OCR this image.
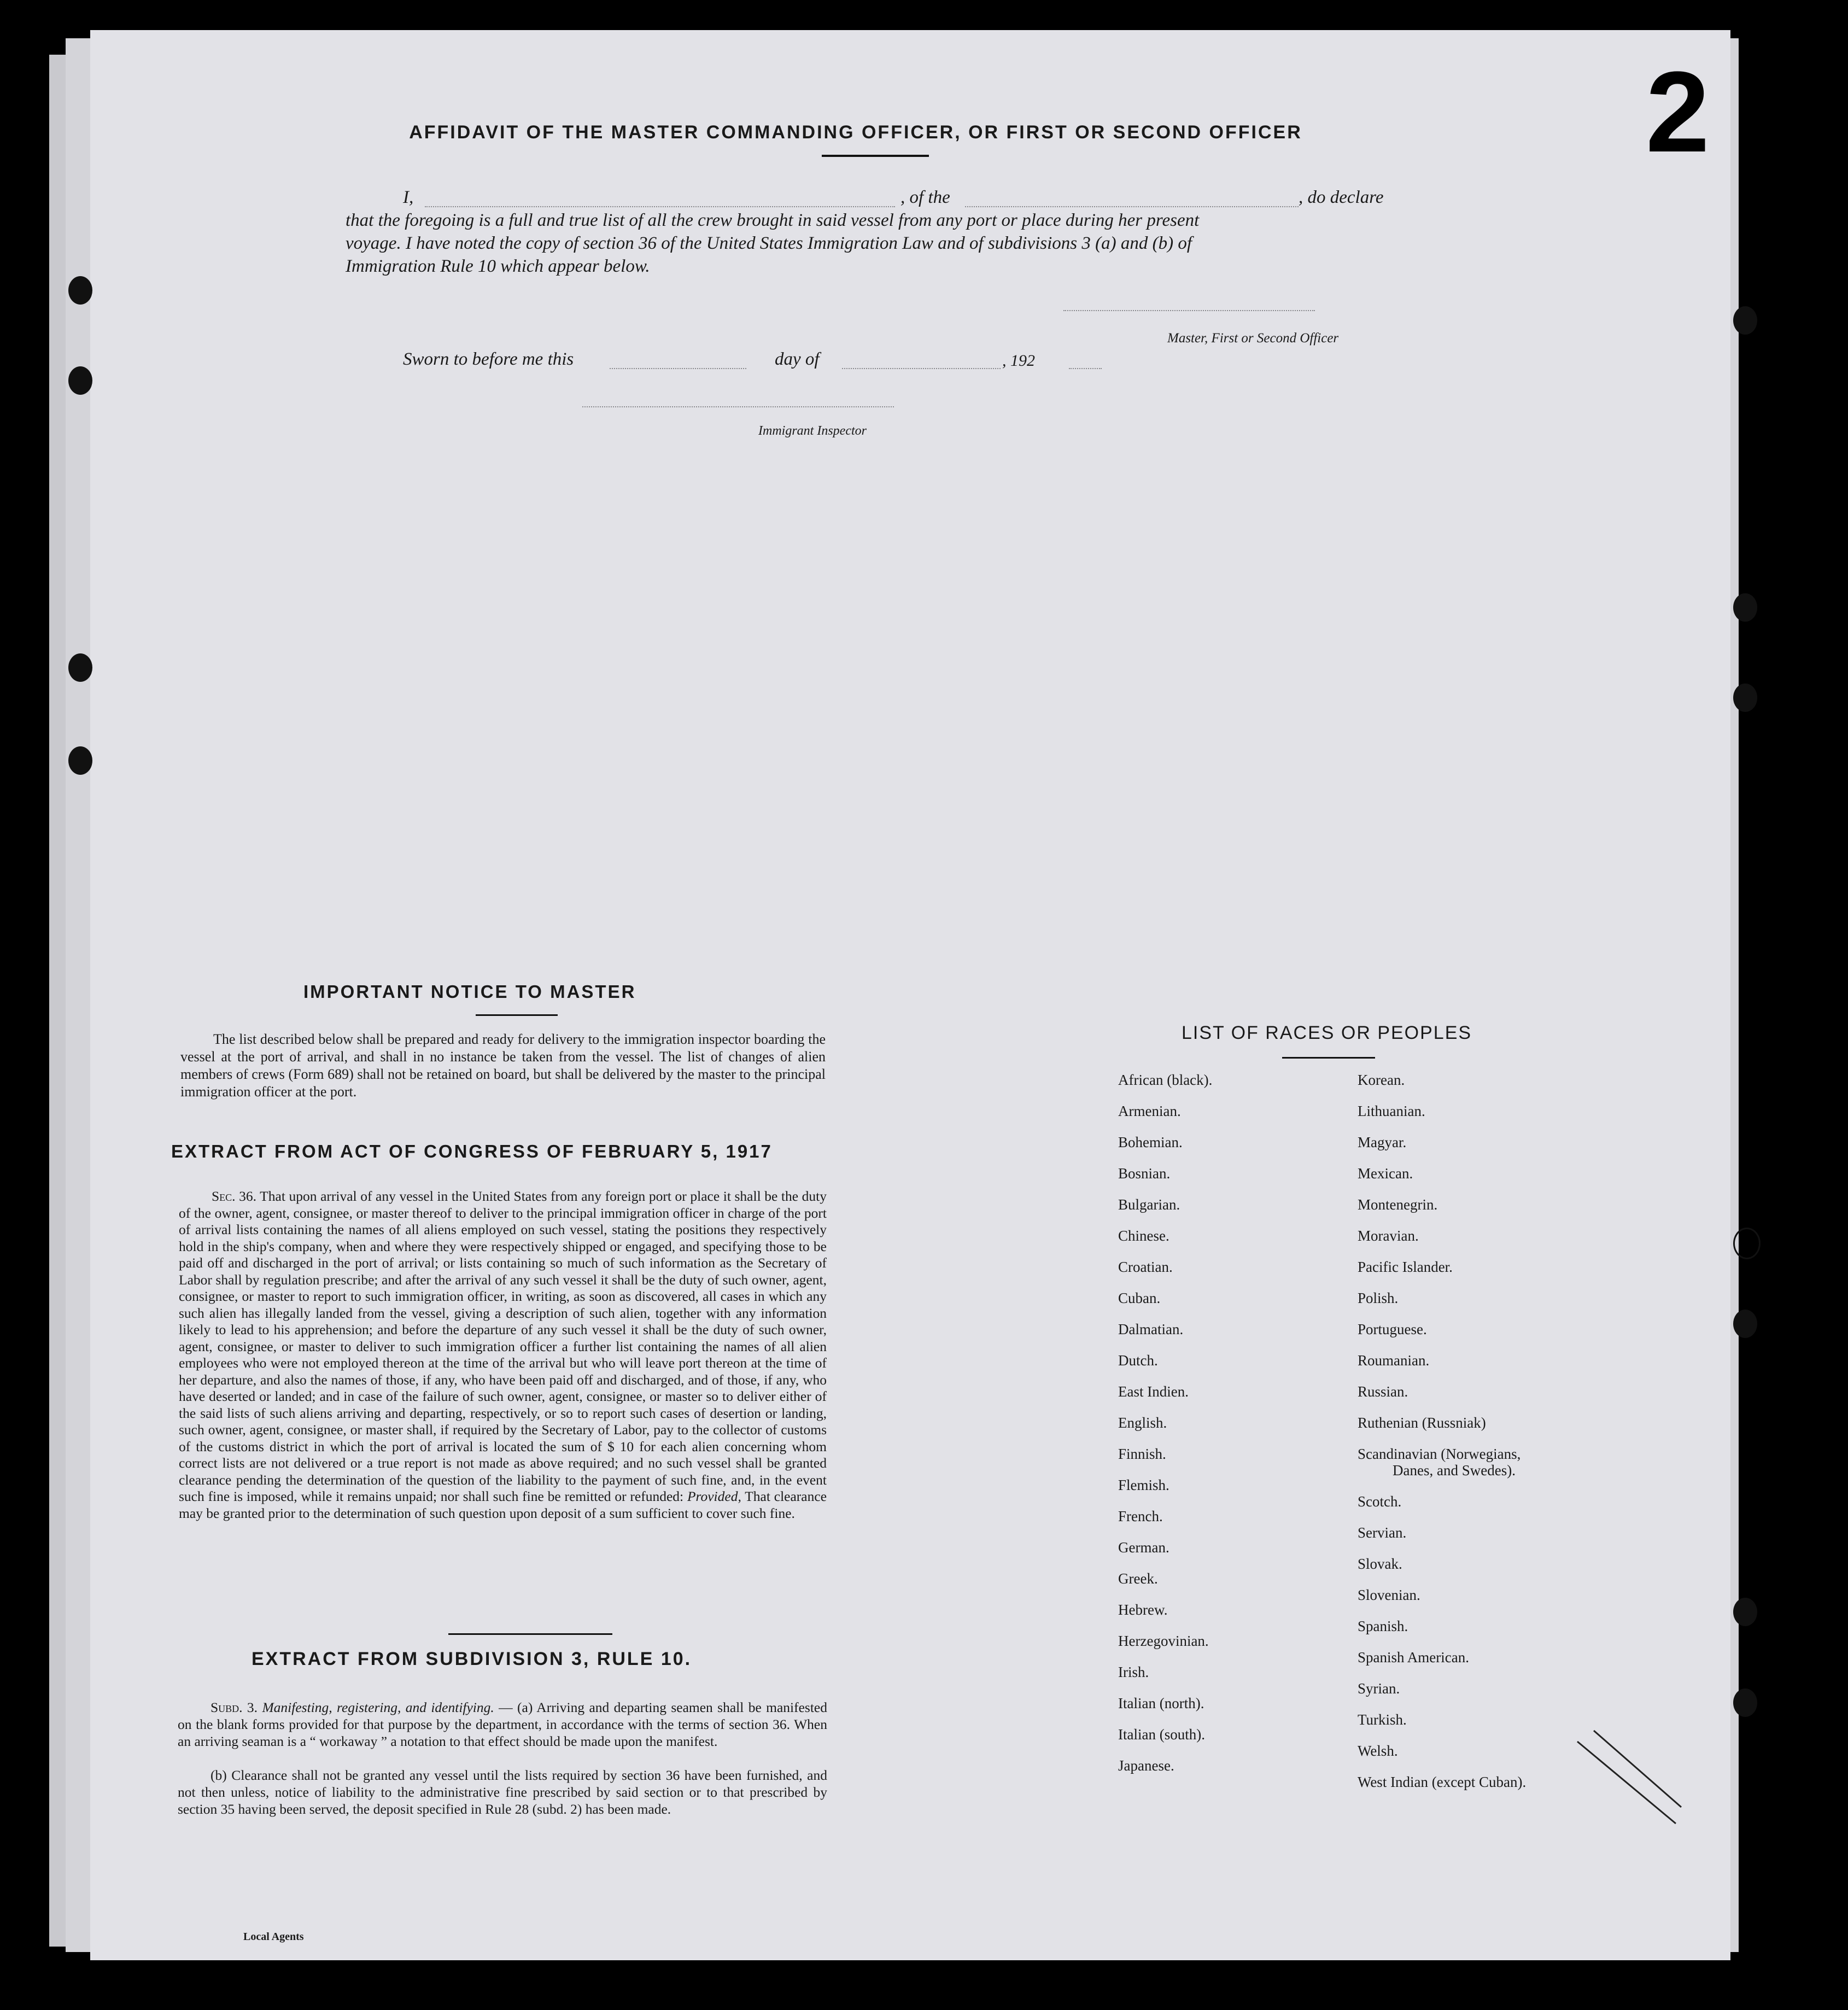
AFFIDAVIT OF THE MASTER COMMANDING OFFICER, OR FIRST OR SECOND OFFICER
I,	, of the	, do declare
that the foregoing is a full and true list of all the crew brought in said vessel from any port or place during her present
voyage. I have noted the copy of section 36 of the United States Immigration Law and of subdivisions 3 (a) and (b) of
Immigration Rule 10 which appear below.
Master, First or Second Officer
Sworn to before me this	day of	, 192
Immigrant Inspector
IMPORTANT NOTICE TO MASTER
The list described below shall be prepared and ready for delivery to the immigration inspector boarding the vessel at the port of arrival, and shall in no instance be taken from the vessel. The list of changes of alien members of crews (Form 689) shall not be retained on board, but shall be delivered by the master to the principal immigration officer at the port.
EXTRACT FROM ACT OF CONGRESS OF FEBRUARY 5, 1917
Sec. 36. That upon arrival of any vessel in the United States from any foreign port or place it shall be the duty of the owner, agent, consignee, or master thereof to deliver to the principal immigration officer in charge of the port of arrival lists containing the names of all aliens employed on such vessel, stating the positions they respectively hold in the ship's company, when and where they were respectively shipped or engaged, and specifying those to be paid off and discharged in the port of arrival; or lists containing so much of such information as the Secretary of Labor shall by regulation prescribe; and after the arrival of any such vessel it shall be the duty of such owner, agent, consignee, or master to report to such immigration officer, in writing, as soon as discovered, all cases in which any such alien has illegally landed from the vessel, giving a description of such alien, together with any information likely to lead to his apprehension; and before the departure of any such vessel it shall be the duty of such owner, agent, consignee, or master to deliver to such immigration officer a further list containing the names of all alien employees who were not employed thereon at the time of the arrival but who will leave port thereon at the time of her departure, and also the names of those, if any, who have been paid off and discharged, and of those, if any, who have deserted or landed; and in case of the failure of such owner, agent, consignee, or master so to deliver either of the said lists of such aliens arriving and departing, respectively, or so to report such cases of desertion or landing, such owner, agent, consignee, or master shall, if required by the Secretary of Labor, pay to the collector of customs of the customs district in which the port of arrival is located the sum of $ 10 for each alien concerning whom correct lists are not delivered or a true report is not made as above required; and no such vessel shall be granted clearance pending the determination of the question of the liability to the payment of such fine, and, in the event such fine is imposed, while it remains unpaid; nor shall such fine be remitted or refunded: Provided, That clearance may be granted prior to the determination of such question upon deposit of a sum sufficient to cover such fine.
EXTRACT FROM SUBDIVISION 3, RULE 10.
Subd. 3. Manifesting, registering, and identifying. — (a) Arriving and departing seamen shall be manifested on the blank forms provided for that purpose by the department, in accordance with the terms of section 36. When an arriving seaman is a “ workaway ” a notation to that effect should be made upon the manifest.
(b) Clearance shall not be granted any vessel until the lists required by section 36 have been furnished, and not then unless, notice of liability to the administrative fine prescribed by said section or to that prescribed by section 35 having been served, the deposit specified in Rule 28 (subd. 2) has been made.
LIST OF RACES OR PEOPLES
Local Agents
African (black).
Armenian.
Bohemian.
Bosnian.
Bulgarian.
Chinese.
Croatian.
Cuban.
Dalmatian.
Dutch.
East Indien.
English.
Finnish.
Flemish.
French.
German.
Greek.
Hebrew.
Herzegovinian.
Irish.
Italian (north).
Italian (south).
Japanese.
Korean.
Lithuanian.
Magyar.
Mexican.
Montenegrin.
Moravian.
Pacific Islander.
Polish.
Portuguese.
Roumanian.
Russian.
Ruthenian (Russniak)
Scandinavian (Norwegians,
Danes, and Swedes).
Scotch.
Servian.
Slovak.
Slovenian.
Spanish.
Spanish American.
Syrian.
Turkish.
Welsh.
West Indian (except Cuban).
2
